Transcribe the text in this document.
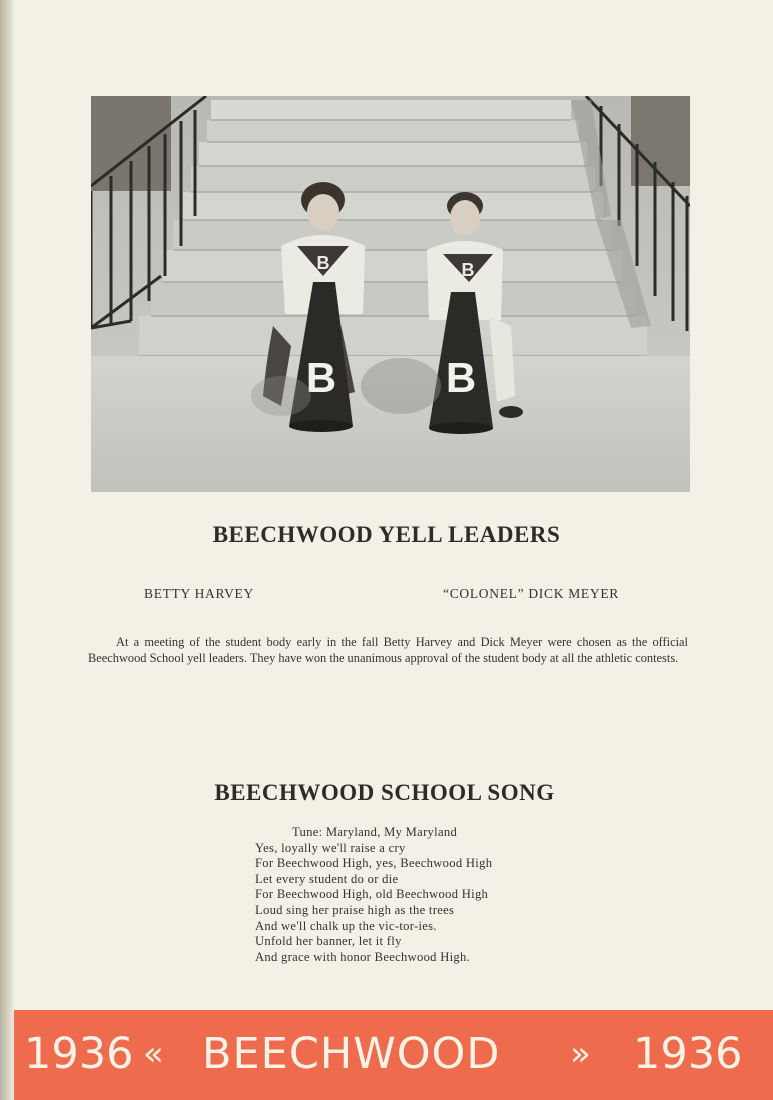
B
B
B
B
BEECHWOOD YELL LEADERS
BETTY HARVEY	“COLONEL” DICK MEYER

At a meeting of the student body early in the fall Betty Harvey and Dick Meyer were chosen as the official Beechwood School yell leaders. They have won the unanimous approval of the student body at all the athletic contests.

BEECHWOOD SCHOOL SONG
Tune: Maryland, My Maryland
Yes, loyally we'll raise a cry
For Beechwood High, yes, Beechwood High
Let every student do or die
For Beechwood High, old Beechwood High
Loud sing her praise high as the trees
And we'll chalk up the vic-tor-ies.
Unfold her banner, let it fly
And grace with honor Beechwood High.
1936 « BEECHWOOD » 1936
